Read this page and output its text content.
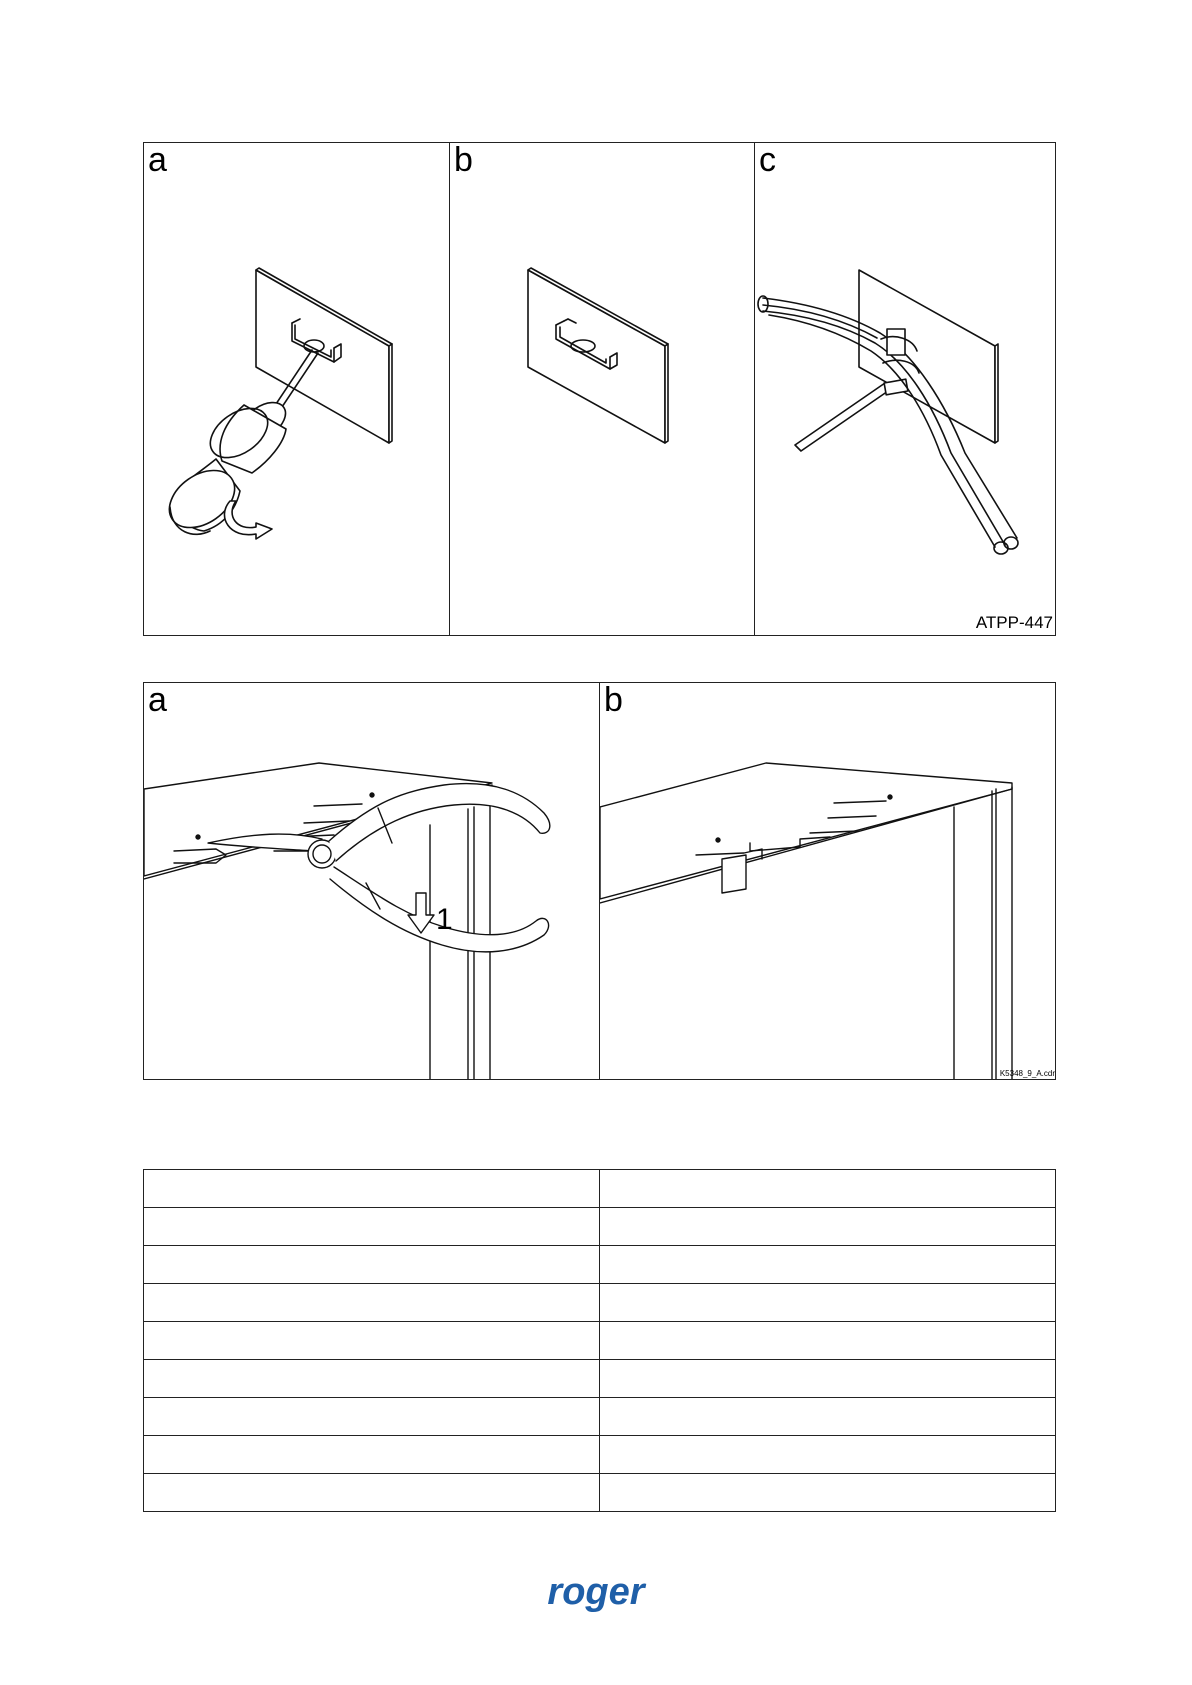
a	b	c
ATPP-447
a
1
b
K5348_9_A.cdr

roger
